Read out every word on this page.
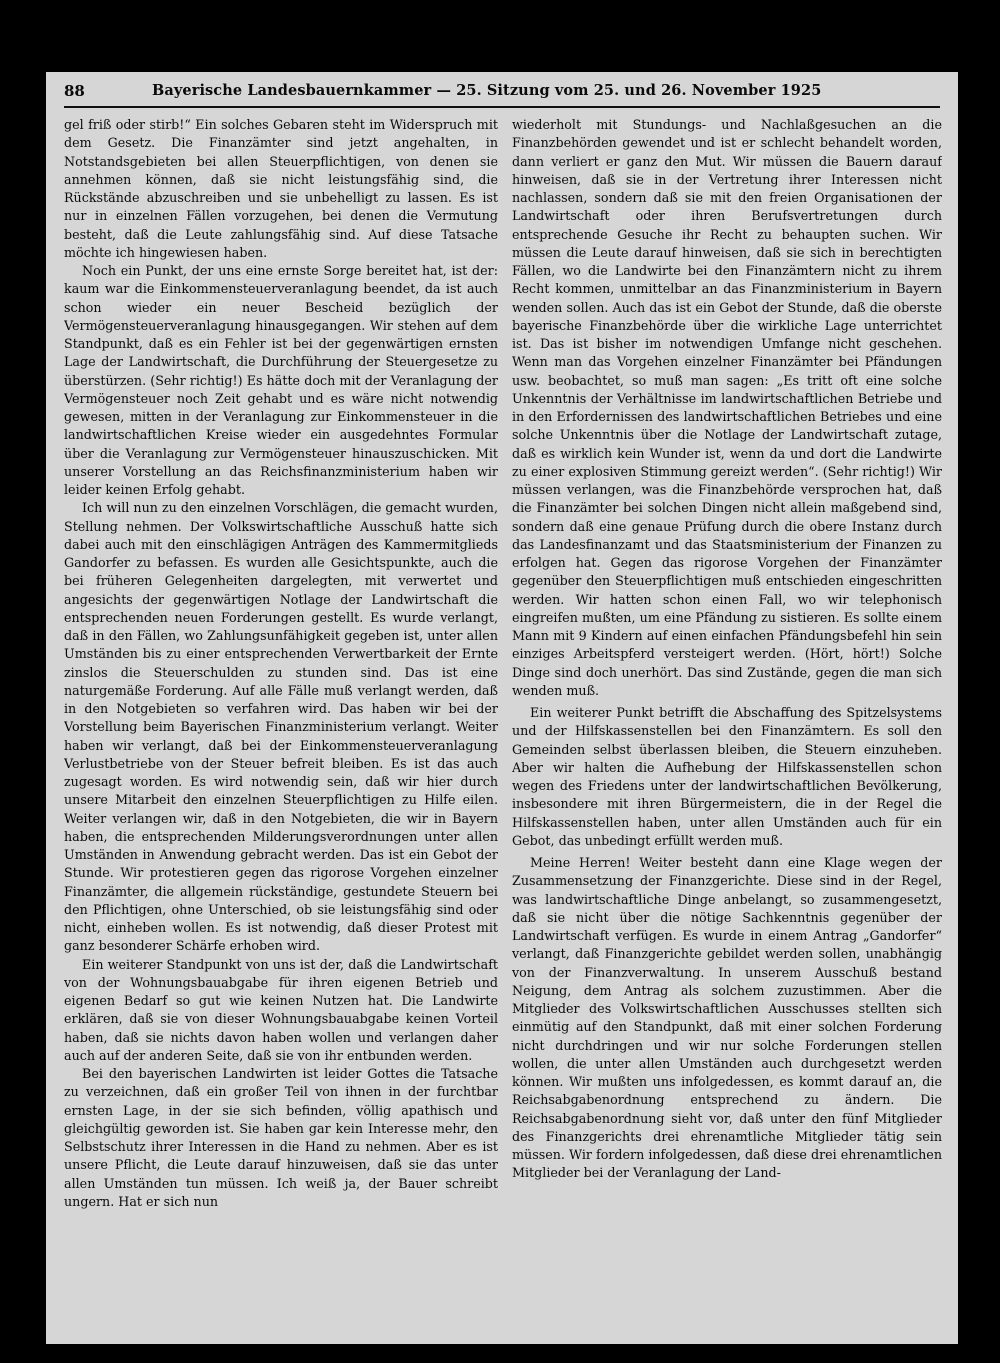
88	Bayerische Landesbauernkammer — 25. Sitzung vom 25. und 26. November 1925

gel friß oder stirb!“ Ein solches Gebaren steht im Widerspruch mit dem Gesetz. Die Finanzämter sind jetzt angehalten, in Notstandsgebieten bei allen Steuerpflichtigen, von denen sie annehmen können, daß sie nicht leistungsfähig sind, die Rückstände abzuschreiben und sie unbehelligt zu lassen. Es ist nur in einzelnen Fällen vorzugehen, bei denen die Vermutung besteht, daß die Leute zahlungsfähig sind. Auf diese Tatsache möchte ich hingewiesen haben.

Noch ein Punkt, der uns eine ernste Sorge bereitet hat, ist der: kaum war die Einkommensteuerveranlagung beendet, da ist auch schon wieder ein neuer Bescheid bezüglich der Vermögensteuerveranlagung hinausgegangen. Wir stehen auf dem Standpunkt, daß es ein Fehler ist bei der gegenwärtigen ernsten Lage der Landwirtschaft, die Durchführung der Steuergesetze zu überstürzen. (Sehr richtig!) Es hätte doch mit der Veranlagung der Vermögensteuer noch Zeit gehabt und es wäre nicht notwendig gewesen, mitten in der Veranlagung zur Einkommensteuer in die landwirtschaftlichen Kreise wieder ein ausgedehntes Formular über die Veranlagung zur Vermögensteuer hinauszuschicken. Mit unserer Vorstellung an das Reichsfinanzministerium haben wir leider keinen Erfolg gehabt.

Ich will nun zu den einzelnen Vorschlägen, die gemacht wurden, Stellung nehmen. Der Volkswirtschaftliche Ausschuß hatte sich dabei auch mit den einschlägigen Anträgen des Kammermitglieds Gandorfer zu befassen. Es wurden alle Gesichtspunkte, auch die bei früheren Gelegenheiten dargelegten, mit verwertet und angesichts der gegenwärtigen Notlage der Landwirtschaft die entsprechenden neuen Forderungen gestellt. Es wurde verlangt, daß in den Fällen, wo Zahlungsunfähigkeit gegeben ist, unter allen Umständen bis zu einer entsprechenden Verwertbarkeit der Ernte zinslos die Steuerschulden zu stunden sind. Das ist eine naturgemäße Forderung. Auf alle Fälle muß verlangt werden, daß in den Notgebieten so verfahren wird. Das haben wir bei der Vorstellung beim Bayerischen Finanzministerium verlangt. Weiter haben wir verlangt, daß bei der Einkommensteuerveranlagung Verlustbetriebe von der Steuer befreit bleiben. Es ist das auch zugesagt worden. Es wird notwendig sein, daß wir hier durch unsere Mitarbeit den einzelnen Steuerpflichtigen zu Hilfe eilen. Weiter verlangen wir, daß in den Notgebieten, die wir in Bayern haben, die entsprechenden Milderungsverordnungen unter allen Umständen in Anwendung gebracht werden. Das ist ein Gebot der Stunde. Wir protestieren gegen das rigorose Vorgehen einzelner Finanzämter, die allgemein rückständige, gestundete Steuern bei den Pflichtigen, ohne Unterschied, ob sie leistungsfähig sind oder nicht, einheben wollen. Es ist notwendig, daß dieser Protest mit ganz besonderer Schärfe erhoben wird.

Ein weiterer Standpunkt von uns ist der, daß die Landwirtschaft von der Wohnungsbauabgabe für ihren eigenen Betrieb und eigenen Bedarf so gut wie keinen Nutzen hat. Die Landwirte erklären, daß sie von dieser Wohnungsbauabgabe keinen Vorteil haben, daß sie nichts davon haben wollen und verlangen daher auch auf der anderen Seite, daß sie von ihr entbunden werden.

Bei den bayerischen Landwirten ist leider Gottes die Tatsache zu verzeichnen, daß ein großer Teil von ihnen in der furchtbar ernsten Lage, in der sie sich befinden, völlig apathisch und gleichgültig geworden ist. Sie haben gar kein Interesse mehr, den Selbstschutz ihrer Interessen in die Hand zu nehmen. Aber es ist unsere Pflicht, die Leute darauf hinzuweisen, daß sie das unter allen Umständen tun müssen. Ich weiß ja, der Bauer schreibt ungern. Hat er sich nun

wiederholt mit Stundungs- und Nachlaßgesuchen an die Finanzbehörden gewendet und ist er schlecht behandelt worden, dann verliert er ganz den Mut. Wir müssen die Bauern darauf hinweisen, daß sie in der Vertretung ihrer Interessen nicht nachlassen, sondern daß sie mit den freien Organisationen der Landwirtschaft oder ihren Berufsvertretungen durch entsprechende Gesuche ihr Recht zu behaupten suchen. Wir müssen die Leute darauf hinweisen, daß sie sich in berechtigten Fällen, wo die Landwirte bei den Finanzämtern nicht zu ihrem Recht kommen, unmittelbar an das Finanzministerium in Bayern wenden sollen. Auch das ist ein Gebot der Stunde, daß die oberste bayerische Finanzbehörde über die wirkliche Lage unterrichtet ist. Das ist bisher im notwendigen Umfange nicht geschehen. Wenn man das Vorgehen einzelner Finanzämter bei Pfändungen usw. beobachtet, so muß man sagen: „Es tritt oft eine solche Unkenntnis der Verhältnisse im landwirtschaftlichen Betriebe und in den Erfordernissen des landwirtschaftlichen Betriebes und eine solche Unkenntnis über die Notlage der Landwirtschaft zutage, daß es wirklich kein Wunder ist, wenn da und dort die Landwirte zu einer explosiven Stimmung gereizt werden“. (Sehr richtig!) Wir müssen verlangen, was die Finanzbehörde versprochen hat, daß die Finanzämter bei solchen Dingen nicht allein maßgebend sind, sondern daß eine genaue Prüfung durch die obere Instanz durch das Landesfinanzamt und das Staatsministerium der Finanzen zu erfolgen hat. Gegen das rigorose Vorgehen der Finanzämter gegenüber den Steuerpflichtigen muß entschieden eingeschritten werden. Wir hatten schon einen Fall, wo wir telephonisch eingreifen mußten, um eine Pfändung zu sistieren. Es sollte einem Mann mit 9 Kindern auf einen einfachen Pfändungsbefehl hin sein einziges Arbeitspferd versteigert werden. (Hört, hört!) Solche Dinge sind doch unerhört. Das sind Zustände, gegen die man sich wenden muß.

Ein weiterer Punkt betrifft die Abschaffung des Spitzelsystems und der Hilfskassenstellen bei den Finanzämtern. Es soll den Gemeinden selbst überlassen bleiben, die Steuern einzuheben. Aber wir halten die Aufhebung der Hilfskassenstellen schon wegen des Friedens unter der landwirtschaftlichen Bevölkerung, insbesondere mit ihren Bürgermeistern, die in der Regel die Hilfskassenstellen haben, unter allen Umständen auch für ein Gebot, das unbedingt erfüllt werden muß.

Meine Herren! Weiter besteht dann eine Klage wegen der Zusammensetzung der Finanzgerichte. Diese sind in der Regel, was landwirtschaftliche Dinge anbelangt, so zusammengesetzt, daß sie nicht über die nötige Sachkenntnis gegenüber der Landwirtschaft verfügen. Es wurde in einem Antrag „Gandorfer“ verlangt, daß Finanzgerichte gebildet werden sollen, unabhängig von der Finanzverwaltung. In unserem Ausschuß bestand Neigung, dem Antrag als solchem zuzustimmen. Aber die Mitglieder des Volkswirtschaftlichen Ausschusses stellten sich einmütig auf den Standpunkt, daß mit einer solchen Forderung nicht durchdringen und wir nur solche Forderungen stellen wollen, die unter allen Umständen auch durchgesetzt werden können. Wir mußten uns infolgedessen, es kommt darauf an, die Reichsabgabenordnung entsprechend zu ändern. Die Reichsabgabenordnung sieht vor, daß unter den fünf Mitglieder des Finanzgerichts drei ehrenamtliche Mitglieder tätig sein müssen. Wir fordern infolgedessen, daß diese drei ehrenamtlichen Mitglieder bei der Veranlagung der Land-
